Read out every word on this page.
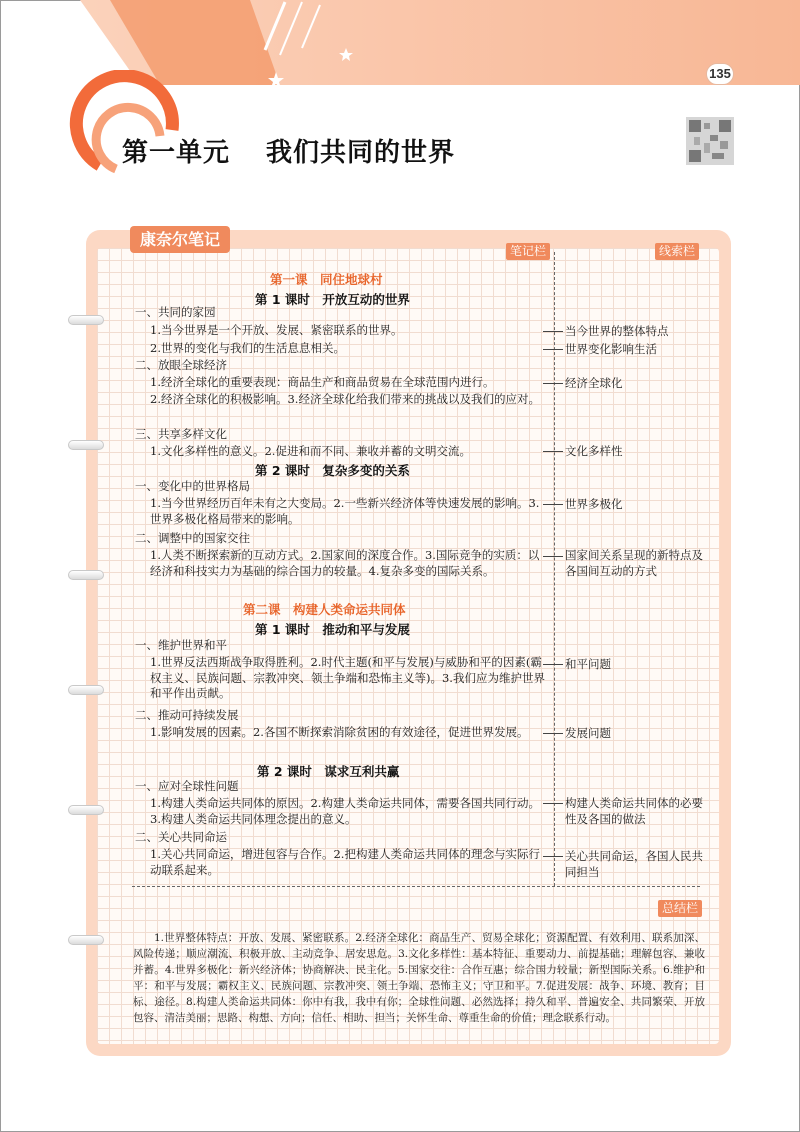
135
第一单元 我们共同的世界
康奈尔笔记
笔记栏	线索栏
总结栏
第一课　同住地球村
第 1 课时　开放互动的世界
一、共同的家园
1.当今世界是一个开放、发展、紧密联系的世界。
2.世界的变化与我们的生活息息相关。
二、放眼全球经济
1.经济全球化的重要表现：商品生产和商品贸易在全球范围内进行。
2.经济全球化的积极影响。3.经济全球化给我们带来的挑战以及我们的应对。
三、共享多样文化
1.文化多样性的意义。2.促进和而不同、兼收并蓄的文明交流。
第 2 课时　复杂多变的关系
一、变化中的世界格局
1.当今世界经历百年未有之大变局。2.一些新兴经济体等快速发展的影响。3.世界多极化格局带来的影响。
二、调整中的国家交往
1.人类不断探索新的互动方式。2.国家间的深度合作。3.国际竞争的实质：以经济和科技实力为基础的综合国力的较量。4.复杂多变的国际关系。
第二课　构建人类命运共同体
第 1 课时　推动和平与发展
一、维护世界和平
1.世界反法西斯战争取得胜利。2.时代主题(和平与发展)与威胁和平的因素(霸权主义、民族问题、宗教冲突、领土争端和恐怖主义等)。3.我们应为维护世界和平作出贡献。
二、推动可持续发展
1.影响发展的因素。2.各国不断探索消除贫困的有效途径，促进世界发展。
第 2 课时　谋求互利共赢
一、应对全球性问题
1.构建人类命运共同体的原因。2.构建人类命运共同体，需要各国共同行动。3.构建人类命运共同体理念提出的意义。
二、关心共同命运
1.关心共同命运，增进包容与合作。2.把构建人类命运共同体的理念与实际行动联系起来。
当今世界的整体特点
世界变化影响生活
经济全球化
文化多样性
世界多极化
国家间关系呈现的新特点及各国间互动的方式
和平问题
发展问题
构建人类命运共同体的必要性及各国的做法
关心共同命运，各国人民共同担当
1.世界整体特点：开放、发展、紧密联系。2.经济全球化：商品生产、贸易全球化；资源配置、有效利用、联系加深、风险传递；顺应潮流、积极开放、主动竞争、居安思危。3.文化多样性：基本特征、重要动力、前提基础；理解包容、兼收并蓄。4.世界多极化：新兴经济体；协商解决、民主化。5.国家交往：合作互惠；综合国力较量；新型国际关系。6.维护和平：和平与发展；霸权主义、民族问题、宗教冲突、领土争端、恐怖主义；守卫和平。7.促进发展：战争、环境、教育；目标、途径。8.构建人类命运共同体：你中有我，我中有你；全球性问题、必然选择；持久和平、普遍安全、共同繁荣、开放包容、清洁美丽；思路、构想、方向；信任、相助、担当；关怀生命、尊重生命的价值；理念联系行动。
